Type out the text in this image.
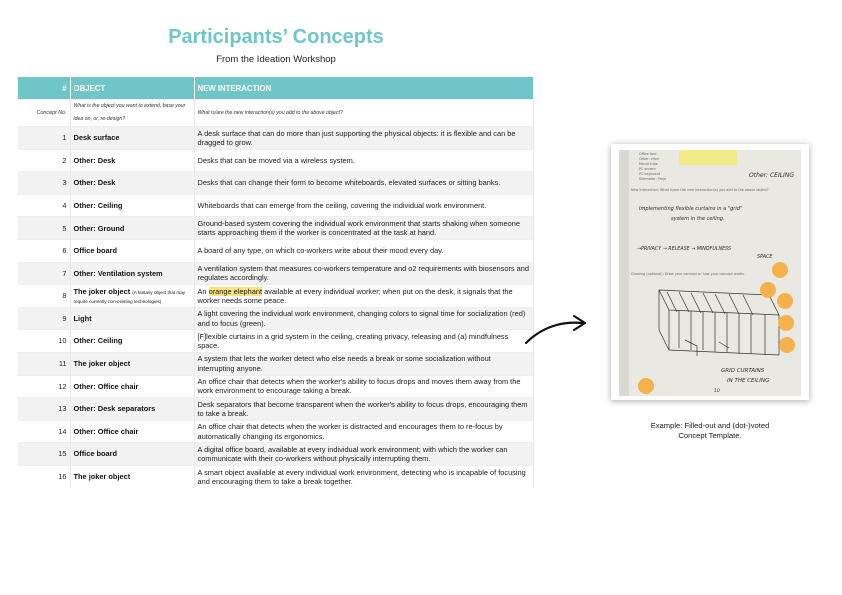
Participants’ Concepts
From the Ideation Workshop
#	OBJECT	NEW INTERACTION
Concept No.	What is the object you want to extend, base your idea on, or, re-design?	What is/are the new interaction(s) you add to the above object?
1	Desk surface	A desk surface that can do more than just supporting the physical objects: it is flexible and can be dragged to grow.
2	Other: Desk	Desks that can be moved via a wireless system.
3	Other: Desk	Desks that can change their form to become whiteboards, elevated surfaces or sitting banks.
4	Other: Ceiling	Whiteboards that can emerge from the ceiling, covering the individual work environment.
5	Other: Ground	Ground-based system covering the individual work environment that starts shaking when someone starts approaching them if the worker is concentrated at the task at hand.
6	Office board	A board of any type, on which co-workers write about their mood every day.
7	Other: Ventilation system	A ventilation system that measures co-workers temperature and o2 requirements with biosensors and regulates accordingly.
8	The joker object (A fantasy object that may require currently non-existing technologies)	An orange elephant available at every individual worker; when put on the desk, it signals that the worker needs some peace.
9	Light	A light covering the individual work environment, changing colors to signal time for socialization (red) and to focus (green).
10	Other: Ceiling	[F]lexible curtains in a grid system in the ceiling, creating privacy, releasing and (a) mindfulness space.
11	The joker object	A system that lets the worker detect who else needs a break or some socialization without interrupting anyone.
12	Other: Office chair	An office chair that detects when the worker's ability to focus drops and moves them away from the work environment to encourage taking a break.
13	Other: Desk separators	Desk separators that become transparent when the worker's ability to focus drops, encouraging them to take a break.
14	Other: Office chair	An office chair that detects when the worker is distracted and encourages them to re-focus by automatically changing its ergonomics.
15	Office board	A digital office board, available at every individual work environment; with which the worker can communicate with their co-workers without physically interrupting them.
16	The joker object	A smart object available at every individual work environment, detecting who is incapable of focusing and encouraging them to take a break together.
Office tool
Other: chair
Movie tube
PC screen
PC keyboard
Sitemeter: Ymje
New interaction: What is/are the new interaction(s) you add to the above object?
Drawing (optional): Draw your concept or how your concept works.
Other: CEILING
Implementing flexible curtains in a "grid"
system in the ceiling.
→PRIVACY → RELEASE → MINDFULNESS
SPACE
GRID CURTAINS
IN THE CEILING
10
Example: Filled-out and (dot-)voted
Concept Template.
